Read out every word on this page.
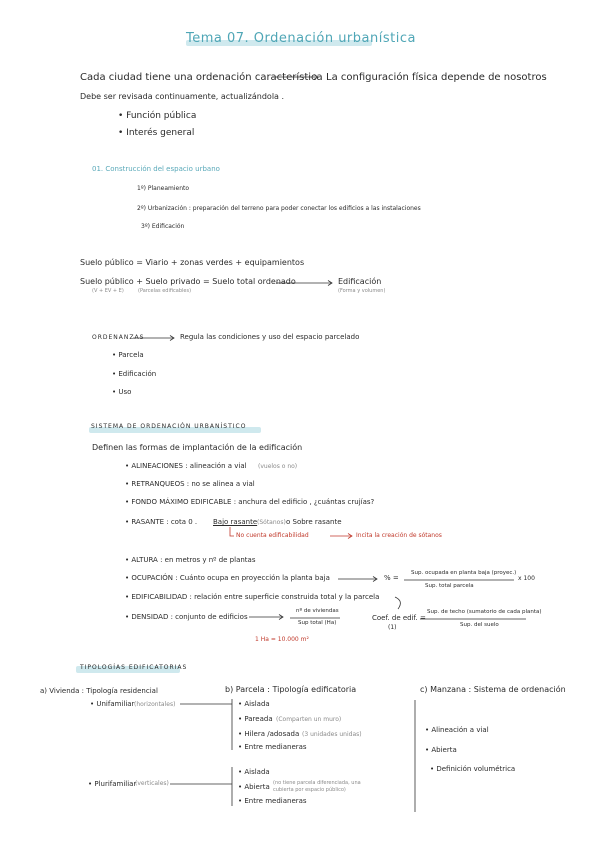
Tema 07. Ordenación urbanística
Cada ciudad tiene una ordenación característica La configuración física depende de nosotros
Debe ser revisada continuamente, actualizándola .
• Función pública
• Interés general
01. Construcción del espacio urbano
1º) Planeamiento
2º) Urbanización : preparación del terreno para poder conectar los edificios a las instalaciones
3º) Edificación
Suelo público = Viario + zonas verdes + equipamientos
Suelo público + Suelo privado = Suelo total ordenado	Edificación
(V + EV + E)	(Parcelas edificables)	(Forma y volumen)
ORDENANZAS	Regula las condiciones y uso del espacio parcelado
• Parcela
• Edificación
• Uso
SISTEMA DE ORDENACIÓN URBANÍSTICO
Definen las formas de implantación de la edificación
• ALINEACIONES : alineación a vial (vuelos o no)
• RETRANQUEOS : no se alinea a vial
• FONDO MÁXIMO EDIFICABLE : anchura del edificio , ¿cuántas crujías?
• RASANTE : cota 0 . Bajo rasante (Sótanos) o Sobre rasante
No cuenta edificabilidad	Incita la creación de sótanos
• ALTURA : en metros y nº de plantas
• OCUPACIÓN : Cuánto ocupa en proyección la planta baja	% =
Sup. ocupada en planta baja (proyec.)
Sup. total parcela
x 100
• EDIFICABILIDAD : relación entre superficie construida total y la parcela
• DENSIDAD : conjunto de edificios
nº de viviendas
Sup total (Ha)
Coef. de edif. =
(1)
Sup. de techo (sumatorio de cada planta)
Sup. del suelo
1 Ha = 10.000 m²
TIPOLOGÍAS EDIFICATORIAS
a) Vivienda : Tipología residencial
• Unifamiliar (horizontales)
• Plurifamiliar
(verticales)
b) Parcela : Tipología edificatoria
• Aislada
• Pareada (Comparten un muro)
• Hilera /adosada (3 unidades unidas)
• Entre medianeras
• Aislada
• Abierta (no tiene parcela diferenciada, una cubierta por espacio público)
• Entre medianeras
c) Manzana : Sistema de ordenación
• Alineación a vial
• Abierta
• Definición volumétrica
